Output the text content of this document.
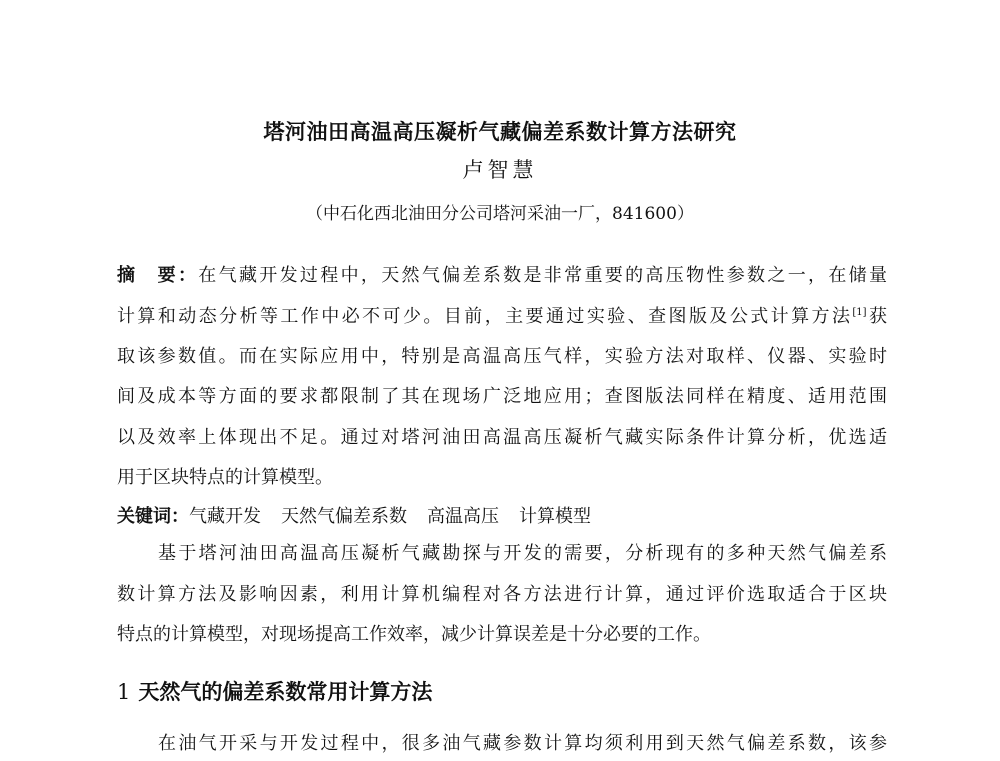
塔河油田高温高压凝析气藏偏差系数计算方法研究
卢智慧
（中石化西北油田分公司塔河采油一厂，841600）
摘　要：在气藏开发过程中，天然气偏差系数是非常重要的高压物性参数之一，在储量
计算和动态分析等工作中必不可少。目前，主要通过实验、查图版及公式计算方法[1]获
取该参数值。而在实际应用中，特别是高温高压气样，实验方法对取样、仪器、实验时
间及成本等方面的要求都限制了其在现场广泛地应用；查图版法同样在精度、适用范围
以及效率上体现出不足。通过对塔河油田高温高压凝析气藏实际条件计算分析，优选适
用于区块特点的计算模型。
关键词：气藏开发 天然气偏差系数 高温高压 计算模型
基于塔河油田高温高压凝析气藏勘探与开发的需要，分析现有的多种天然气偏差系
数计算方法及影响因素，利用计算机编程对各方法进行计算，通过评价选取适合于区块
特点的计算模型，对现场提高工作效率，减少计算误差是十分必要的工作。
1 天然气的偏差系数常用计算方法
在油气开采与开发过程中，很多油气藏参数计算均须利用到天然气偏差系数，该参
